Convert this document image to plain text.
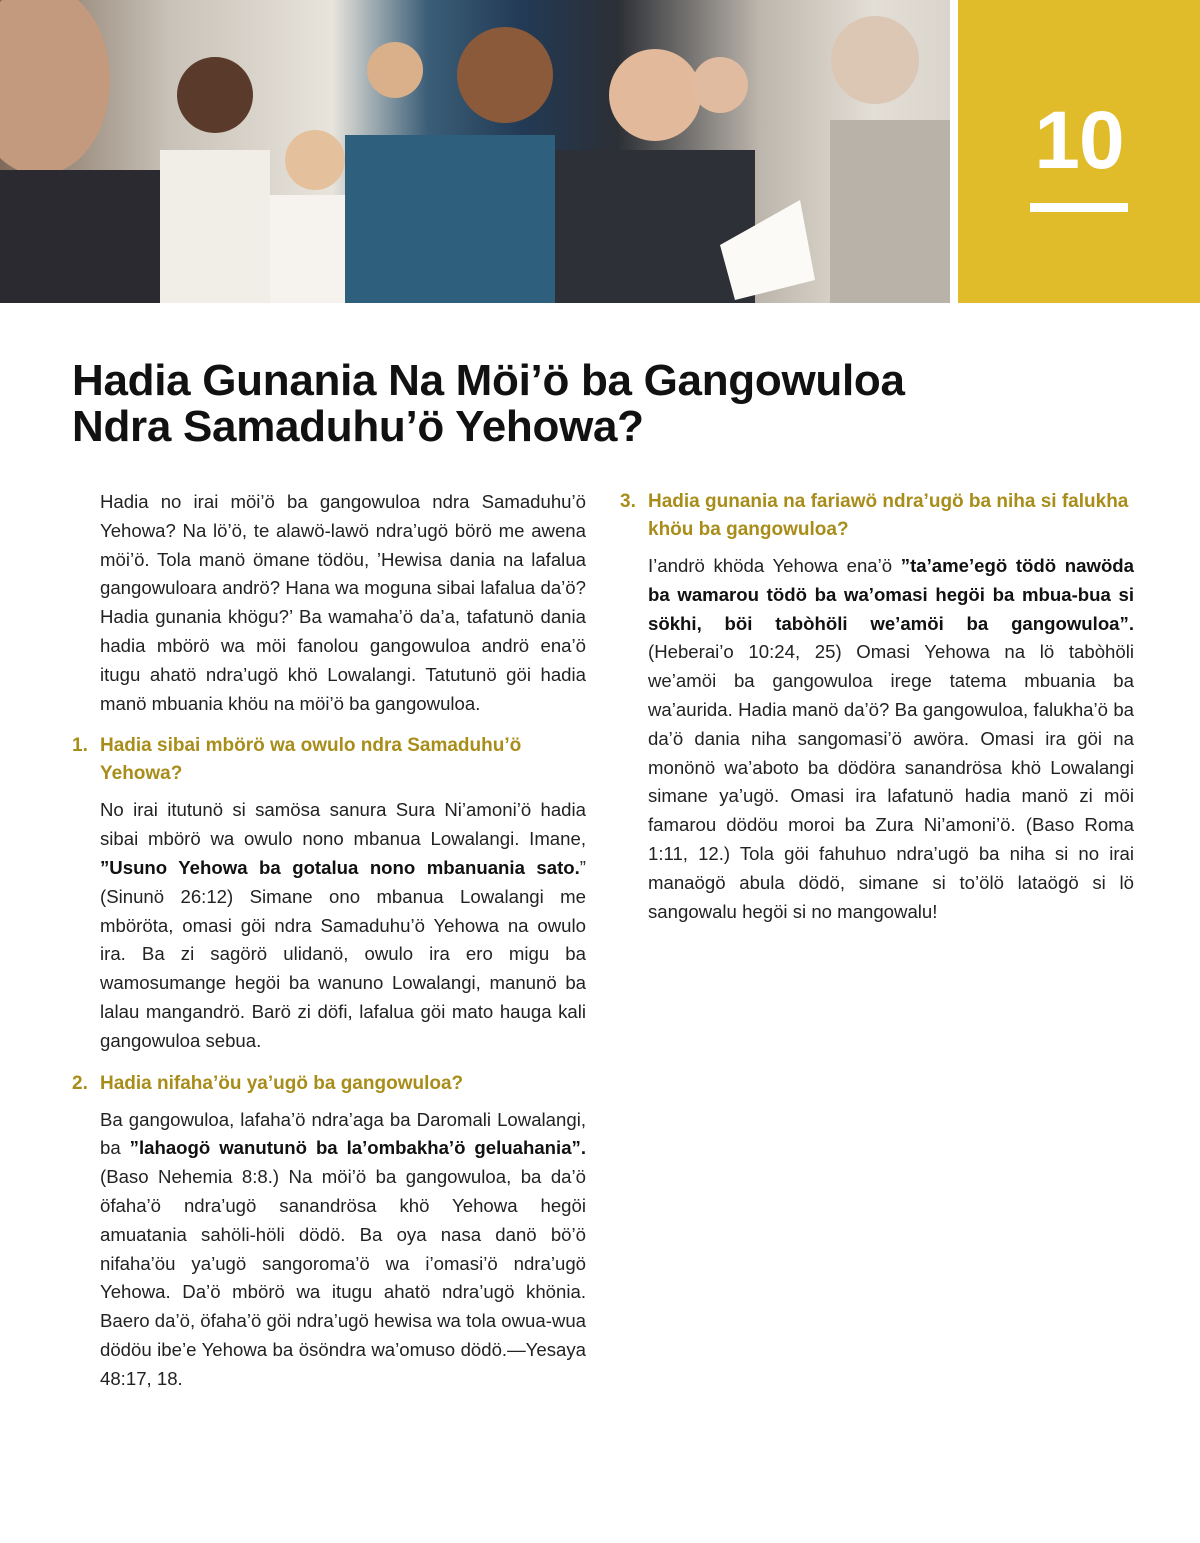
10
Hadia Gunania Na Möi’ö ba Gangowuloa
Ndra Samaduhu’ö Yehowa?

Hadia no irai möi’ö ba gangowuloa ndra Samaduhu’ö Yehowa? Na lö’ö, te alawö-lawö ndra’ugö börö me awena möi’ö. Tola manö ömane tödöu, ’Hewisa dania na lafalua gangowuloara andrö? Hana wa moguna sibai lafalua da’ö? Hadia gunania khögu?’ Ba wamaha’ö da’a, tafatunö dania hadia mbörö wa möi fanolou gangowuloa andrö ena’ö itugu ahatö ndra’ugö khö Lowalangi. Tatutunö göi hadia manö mbuania khöu na möi’ö ba gangowuloa.

1. Hadia sibai mbörö wa owulo ndra Samaduhu’ö Yehowa?

No irai itutunö si samösa sanura Sura Ni’amoni’ö hadia sibai mbörö wa owulo nono mbanua Lowalangi. Imane, ”Usuno Yehowa ba gotalua nono mbanuania sato.” (Sinunö 26:12) Simane ono mbanua Lowalangi me mböröta, omasi göi ndra Samaduhu’ö Yehowa na owulo ira. Ba zi sagörö ulidanö, owulo ira ero migu ba wamosumange hegöi ba wanuno Lowalangi, manunö ba lalau mangandrö. Barö zi döfi, lafalua göi mato hauga kali gangowuloa sebua.

2. Hadia nifaha’öu ya’ugö ba gangowuloa?

Ba gangowuloa, lafaha’ö ndra’aga ba Daromali Lowalangi, ba ”lahaogö wanutunö ba la’ombakha’ö geluahania”. (Baso Nehemia 8:8.) Na möi’ö ba gangowuloa, ba da’ö öfaha’ö ndra’ugö sanandrösa khö Yehowa hegöi amuatania sahöli-höli dödö. Ba oya nasa danö bö’ö nifaha’öu ya’ugö sangoroma’ö wa i’omasi’ö ndra’ugö Yehowa. Da’ö mbörö wa itugu ahatö ndra’ugö khönia. Baero da’ö, öfaha’ö göi ndra’ugö hewisa wa tola owua-wua dödöu ibe’e Yehowa ba ösöndra wa’omuso dödö.—Yesaya 48:17, 18.

3. Hadia gunania na fariawö ndra’ugö ba niha si falukha khöu ba gangowuloa?

I’andrö khöda Yehowa ena’ö ”ta’ame’egö tödö nawöda ba wamarou tödö ba wa’omasi hegöi ba mbua-bua si sökhi, böi tabòhöli we’amöi ba gangowuloa”. (Heberai’o 10:24, 25) Omasi Yehowa na lö tabòhöli we’amöi ba gangowuloa irege tatema mbuania ba wa’aurida. Hadia manö da’ö? Ba gangowuloa, falukha’ö ba da’ö dania niha sangomasi’ö awöra. Omasi ira göi na monönö wa’aboto ba dödöra sanandrösa khö Lowalangi simane ya’ugö. Omasi ira lafatunö hadia manö zi möi famarou dödöu moroi ba Zura Ni’amoni’ö. (Baso Roma 1:11, 12.) Tola göi fahuhuo ndra’ugö ba niha si no irai manaögö abula dödö, simane si to’ölö lataögö si lö sangowalu hegöi si no mangowalu!
